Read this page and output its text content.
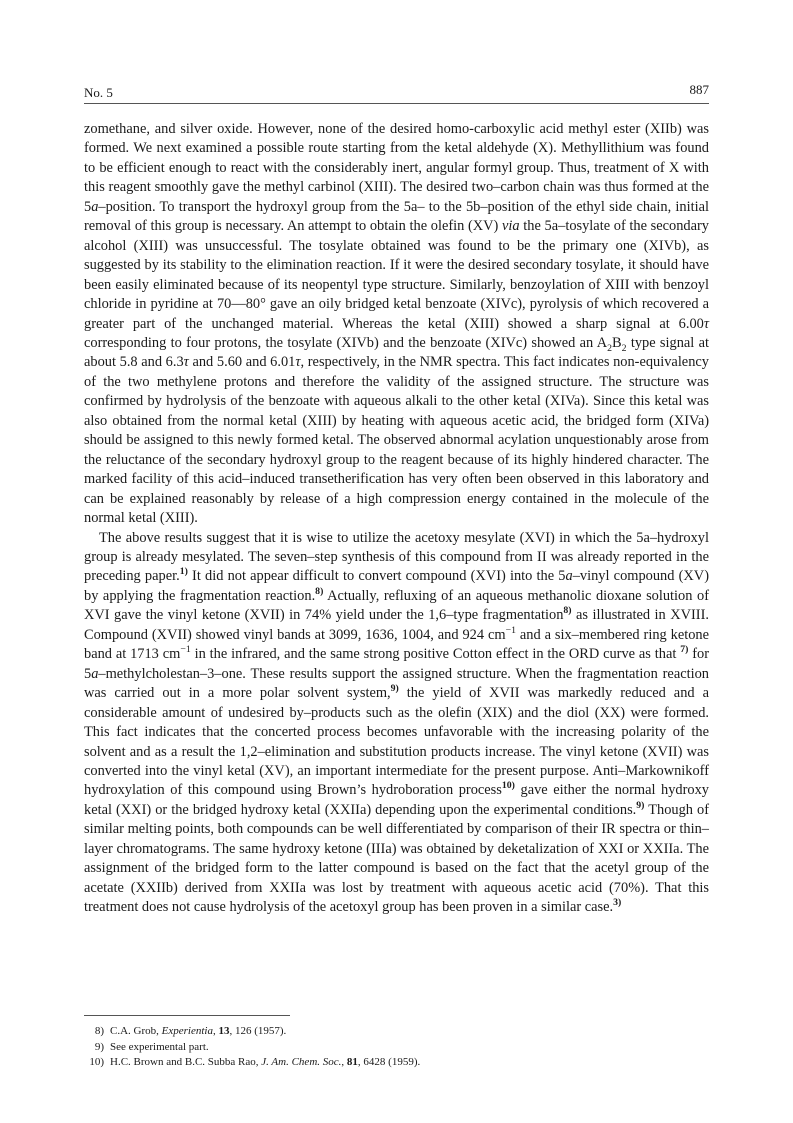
No. 5	887

zomethane, and silver oxide. However, none of the desired homo-carboxylic acid methyl ester (XIIb) was formed. We next examined a possible route starting from the ketal aldehyde (X). Methyllithium was found to be efficient enough to react with the considerably inert, angular formyl group. Thus, treatment of X with this reagent smoothly gave the methyl carbinol (XIII). The desired two–carbon chain was thus formed at the 5a–position. To transport the hydroxyl group from the 5a– to the 5b–position of the ethyl side chain, initial removal of this group is necessary. An attempt to obtain the olefin (XV) via the 5a–tosylate of the secondary alcohol (XIII) was unsuccessful. The tosylate obtained was found to be the primary one (XIVb), as suggested by its stability to the elimination reaction. If it were the desired secondary tosylate, it should have been easily eliminated because of its neopentyl type structure. Similarly, benzoylation of XIII with benzoyl chloride in pyridine at 70—80° gave an oily bridged ketal benzoate (XIVc), pyrolysis of which recovered a greater part of the unchanged material. Whereas the ketal (XIII) showed a sharp signal at 6.00τ corresponding to four protons, the tosylate (XIVb) and the benzoate (XIVc) showed an $A_2B_2$ type signal at about 5.8 and 6.3τ and 5.60 and 6.01τ, respectively, in the NMR spectra. This fact indicates non-equivalency of the two methylene protons and therefore the validity of the assigned structure. The structure was confirmed by hydrolysis of the benzoate with aqueous alkali to the other ketal (XIVa). Since this ketal was also obtained from the normal ketal (XIII) by heating with aqueous acetic acid, the bridged form (XIVa) should be assigned to this newly formed ketal. The observed abnormal acylation unquestionably arose from the reluctance of the secondary hydroxyl group to the reagent because of its highly hindered character. The marked facility of this acid–induced transetherification has very often been observed in this laboratory and can be explained reasonably by release of a high compression energy contained in the molecule of the normal ketal (XIII).

The above results suggest that it is wise to utilize the acetoxy mesylate (XVI) in which the 5a–hydroxyl group is already mesylated. The seven–step synthesis of this compound from II was already reported in the preceding paper.$^{1)}$ It did not appear difficult to convert compound (XVI) into the 5a–vinyl compound (XV) by applying the fragmentation reaction.$^{8)}$ Actually, refluxing of an aqueous methanolic dioxane solution of XVI gave the vinyl ketone (XVII) in 74% yield under the 1,6–type fragmentation$^{8)}$ as illustrated in XVIII. Compound (XVII) showed vinyl bands at 3099, 1636, 1004, and 924 $cm^{-1}$ and a six–membered ring ketone band at 1713 $cm^{-1}$ in the infrared, and the same strong positive Cotton effect in the ORD curve as that $^{7)}$ for 5a–methylcholestan–3–one. These results support the assigned structure. When the fragmentation reaction was carried out in a more polar solvent system,$^{9)}$ the yield of XVII was markedly reduced and a considerable amount of undesired by–products such as the olefin (XIX) and the diol (XX) were formed. This fact indicates that the concerted process becomes unfavorable with the increasing polarity of the solvent and as a result the 1,2–elimination and substitution products increase. The vinyl ketone (XVII) was converted into the vinyl ketal (XV), an important intermediate for the present purpose. Anti–Markownikoff hydroxylation of this compound using Brown’s hydroboration process$^{10)}$ gave either the normal hydroxy ketal (XXI) or the bridged hydroxy ketal (XXIIa) depending upon the experimental conditions.$^{9)}$ Though of similar melting points, both compounds can be well differentiated by comparison of their IR spectra or thin–layer chromatograms. The same hydroxy ketone (IIIa) was obtained by deketalization of XXI or XXIIa. The assignment of the bridged form to the latter compound is based on the fact that the acetyl group of the acetate (XXIIb) derived from XXIIa was lost by treatment with aqueous acetic acid (70%). That this treatment does not cause hydrolysis of the acetoxyl group has been proven in a similar case.$^{3)}$

8) C.A. Grob, Experientia, 13, 126 (1957).
9) See experimental part.
10) H.C. Brown and B.C. Subba Rao, J. Am. Chem. Soc., 81, 6428 (1959).
